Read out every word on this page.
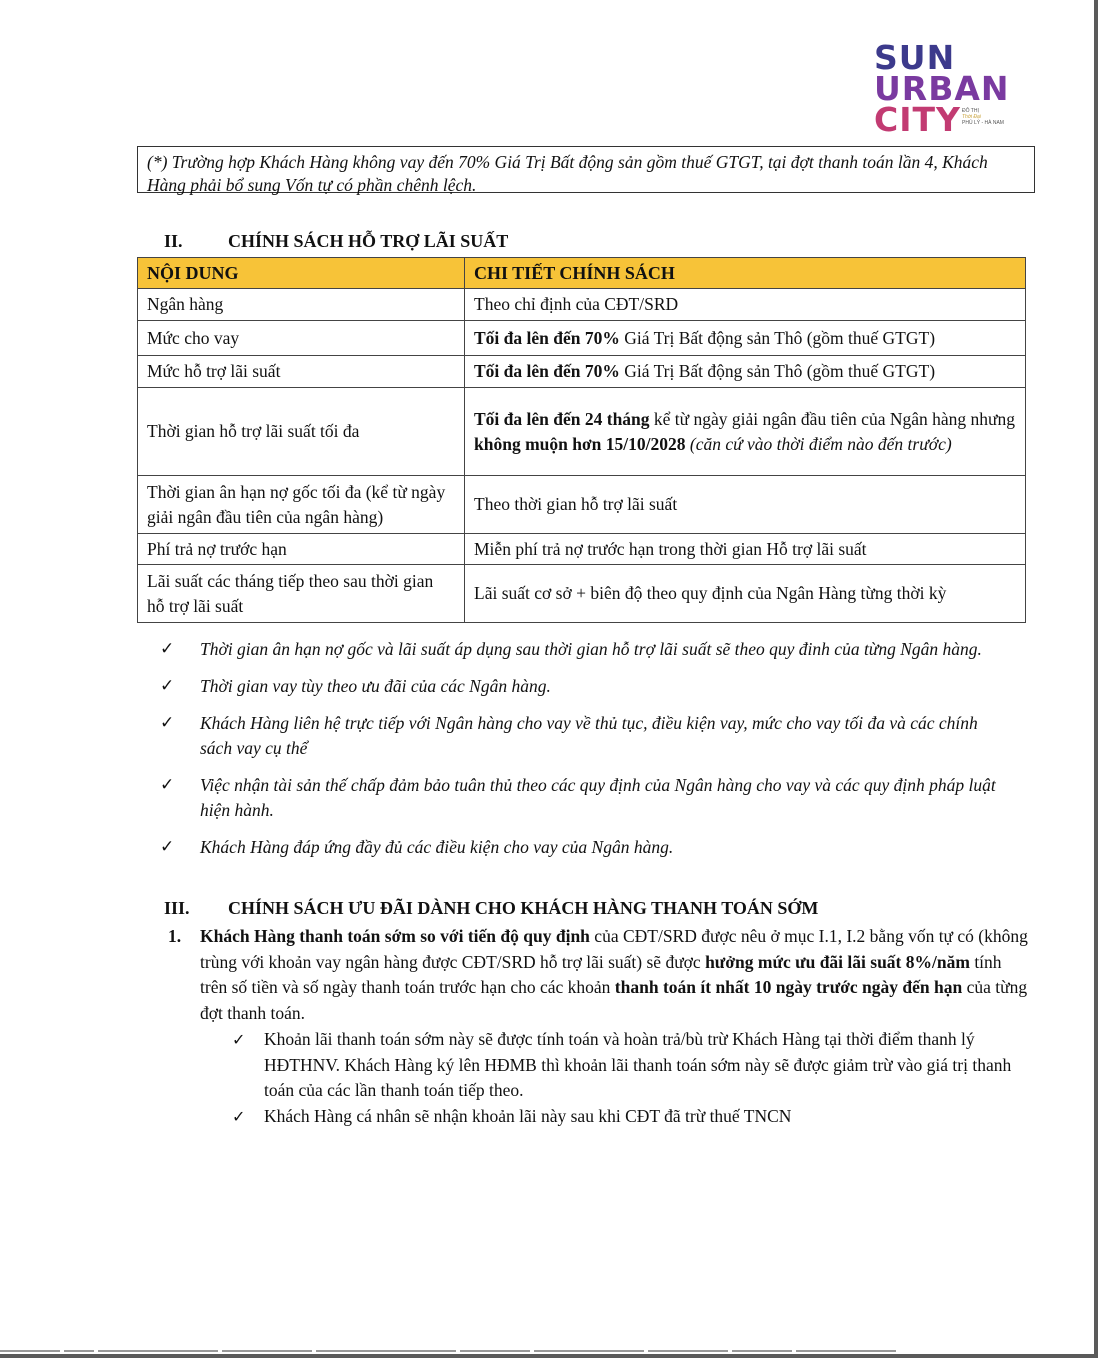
SUN
URBAN
CITY ĐÔ THỊ
Thời Đại
PHỦ LÝ - HÀ NAM
(*) Trường hợp Khách Hàng không vay đến 70% Giá Trị Bất động sản gồm thuế GTGT, tại đợt thanh toán lần 4, Khách Hàng phải bổ sung Vốn tự có phần chênh lệch.
II.	CHÍNH SÁCH HỖ TRỢ LÃI SUẤT
NỘI DUNG	CHI TIẾT CHÍNH SÁCH
Ngân hàng	Theo chỉ định của CĐT/SRD
Mức cho vay	Tối đa lên đến 70% Giá Trị Bất động sản Thô (gồm thuế GTGT)
Mức hỗ trợ lãi suất	Tối đa lên đến 70% Giá Trị Bất động sản Thô (gồm thuế GTGT)
Thời gian hỗ trợ lãi suất tối đa	Tối đa lên đến 24 tháng kể từ ngày giải ngân đầu tiên của Ngân hàng nhưng không muộn hơn 15/10/2028 (căn cứ vào thời điểm nào đến trước)
Thời gian ân hạn nợ gốc tối đa (kể từ ngày giải ngân đầu tiên của ngân hàng)	Theo thời gian hỗ trợ lãi suất
Phí trả nợ trước hạn	Miễn phí trả nợ trước hạn trong thời gian Hỗ trợ lãi suất
Lãi suất các tháng tiếp theo sau thời gian hỗ trợ lãi suất	Lãi suất cơ sở + biên độ theo quy định của Ngân Hàng từng thời kỳ
✓ Thời gian ân hạn nợ gốc và lãi suất áp dụng sau thời gian hỗ trợ lãi suất sẽ theo quy đinh của từng Ngân hàng.
✓ Thời gian vay tùy theo ưu đãi của các Ngân hàng.
✓ Khách Hàng liên hệ trực tiếp với Ngân hàng cho vay về thủ tục, điều kiện vay, mức cho vay tối đa và các chính sách vay cụ thể
✓ Việc nhận tài sản thế chấp đảm bảo tuân thủ theo các quy định của Ngân hàng cho vay và các quy định pháp luật hiện hành.
✓ Khách Hàng đáp ứng đầy đủ các điều kiện cho vay của Ngân hàng.
III. CHÍNH SÁCH ƯU ĐÃI DÀNH CHO KHÁCH HÀNG THANH TOÁN SỚM
1. Khách Hàng thanh toán sớm so với tiến độ quy định của CĐT/SRD được nêu ở mục I.1, I.2 bằng vốn tự có (không trùng với khoản vay ngân hàng được CĐT/SRD hỗ trợ lãi suất) sẽ được hưởng mức ưu đãi lãi suất 8%/năm tính trên số tiền và số ngày thanh toán trước hạn cho các khoản thanh toán ít nhất 10 ngày trước ngày đến hạn của từng đợt thanh toán.
✓ Khoản lãi thanh toán sớm này sẽ được tính toán và hoàn trả/bù trừ Khách Hàng tại thời điểm thanh lý HĐTHNV. Khách Hàng ký lên HĐMB thì khoản lãi thanh toán sớm này sẽ được giảm trừ vào giá trị thanh toán của các lần thanh toán tiếp theo.
✓ Khách Hàng cá nhân sẽ nhận khoản lãi này sau khi CĐT đã trừ thuế TNCN
